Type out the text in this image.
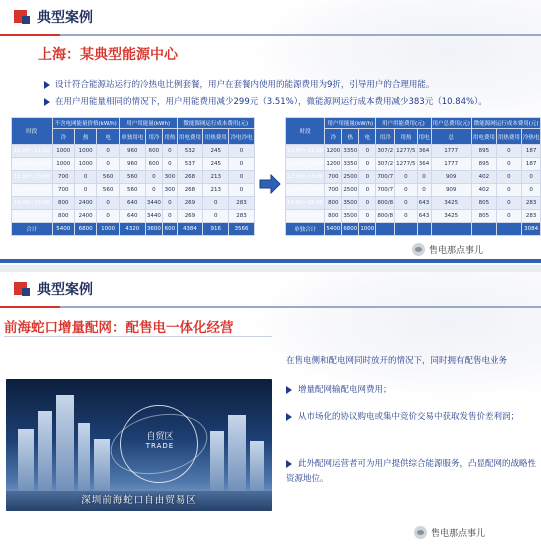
典型案例
上海：某典型能源中心
设计符合能源站运行的冷热电比例套餐，用户在套餐内使用的能源费用为9折，引导用户的合理用能。
在用户用能量相同的情况下，用户用能费用减少299元（3.51%），微能源网运行成本费用减少383元（10.84%）。
时段	不含电网能量价格(kW/h)			用户用能量(kWh)			微能源网运行成本费用(元)		
	冷	热	电	单独用电	用冷	用热	用电费用	用热费用	冷电冷电
10:00~11:00	1000	1000	0	960	600	0	532	245	0
11:00~12:00	1000	1000	0	960	600	0	537	245	0
12:00~13:00	700	0	560	560	0	300	268	213	0
13:00~14:00	700	0	560	560	0	300	268	213	0
14:00~15:00	800	2400	0	640	3440	0	269	0	283
15:00~16:00	800	2400	0	640	3440	0	269	0	283
合计	5400	6800	1000	4320	3600	600	4384	916	3566
时段	用户用能量(kW/h)			用户用能费用(元)			用户总费用(元)	微能源网运行成本费用(元)		
	冷	热	电	用冷	用热	用电	总	用电费用	用热费用	冷热电
10:00~11:00	1200	3350	0	307/2	1277/5	364	1777	895	0	187
11:00~12:00	1200	3350	0	307/2	1277/5	364	1777	895	0	187
12:00~13:00	700	2500	0	700/7	0	0	909	402	0	0
13:00~14:00	700	2500	0	700/7	0	0	909	402	0	0
14:00~15:00	800	3500	0	800/8	0	643	3425	805	0	283
15:00~16:00	800	3500	0	800/8	0	643	3425	805	0	283
单独合计	5400	6800	1000							3084
售电那点事儿
典型案例
前海蛇口增量配网：配售电一体化经营
自贸区
TRADE
深圳前海蛇口自由贸易区
在售电侧和配电网同时放开的情况下，同时拥有配售电业务
增量配网输配电网费用；
从市场化的协议购电或集中竞价交易中获取发售价差利润；
此外配网运营者可为用户提供综合能源服务，凸显配网的战略性资源地位。
售电那点事儿
